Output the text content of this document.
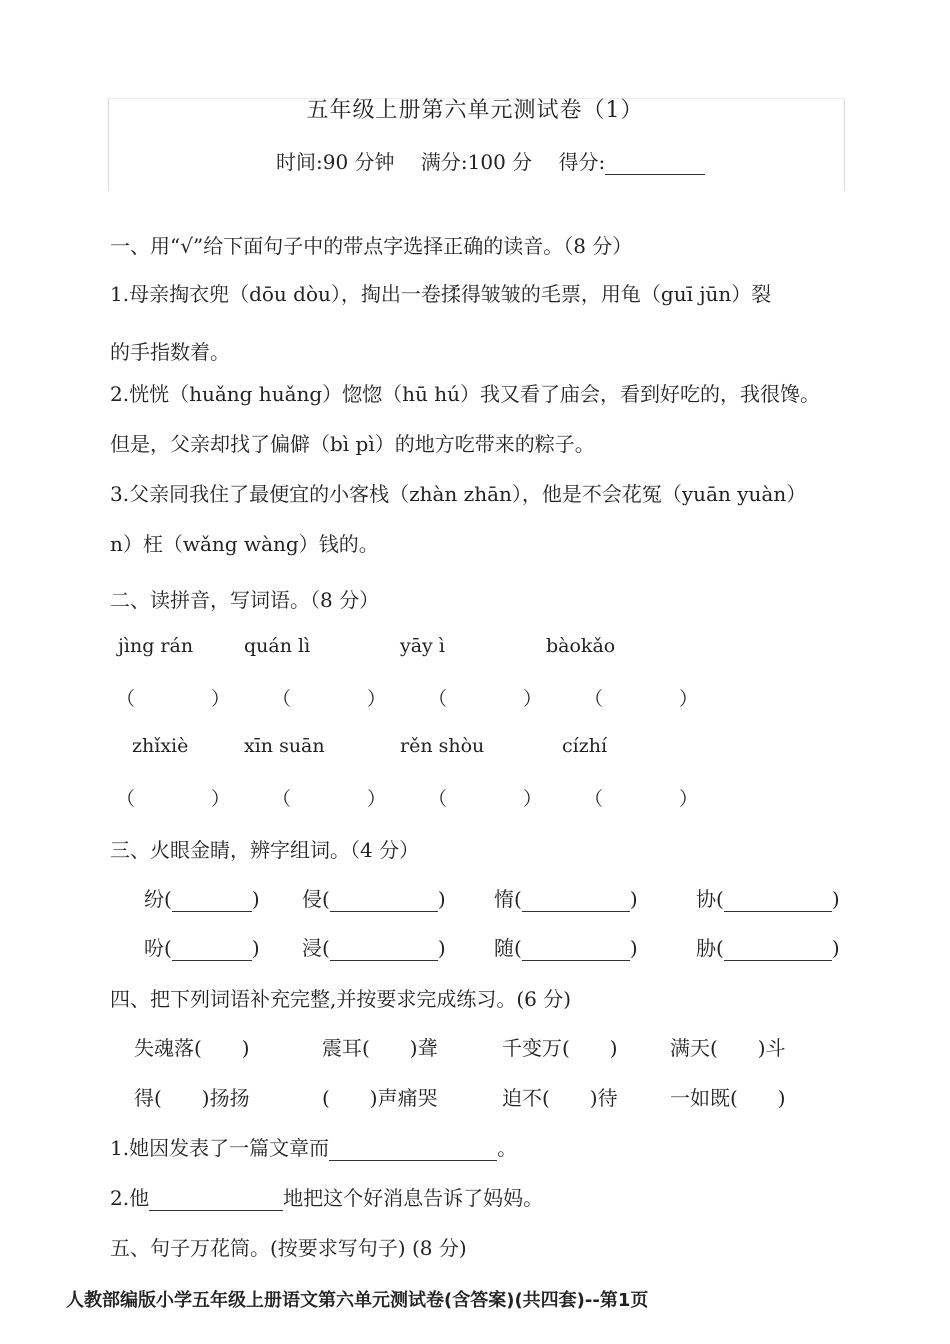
五年级上册第六单元测试卷（1）
时间:90 分钟　 满分:100 分　 得分:
一、用“√”给下面句子中的带点字选择正确的读音。（8 分）
1.母亲掏衣兜（dōu dòu），掏出一卷揉得皱皱的毛票，用龟（guī jūn）裂
的手指数着。
2.恍恍（huǎng huǎng）惚惚（hū hú）我又看了庙会，看到好吃的，我很馋。
但是，父亲却找了偏僻（bì pì）的地方吃带来的粽子。
3.父亲同我住了最便宜的小客栈（zhàn zhān），他是不会花冤（yuān yuàn）
n）枉（wǎng wàng）钱的。
二、读拼音，写词语。（8 分）
jìng rán	quán lì	yāy ì	bàokǎo
（　　　　） （　　　　） （　　　　） （　　　　）
zhǐxiè	xīn suān	rěn shòu	cízhí
（　　　　） （　　　　） （　　　　） （　　　　）
三、火眼金睛，辨字组词。（4 分）
纷(	) 侵(	) 惰(	)	协(	)
吩(	) 浸(	) 随(	)	胁(	)
四、把下列词语补充完整,并按要求完成练习。(6 分)
失魂落(　　)	震耳(　　)聋	千变万(　　)	满天(　　)斗
得(　　)扬扬	(　　)声痛哭	迫不(　　)待	一如既(　　)
1.她因发表了一篇文章而	。
2.他	地把这个好消息告诉了妈妈。
五、句子万花筒。(按要求写句子) (8 分)
人教部编版小学五年级上册语文第六单元测试卷(含答案)(共四套)--第1页
